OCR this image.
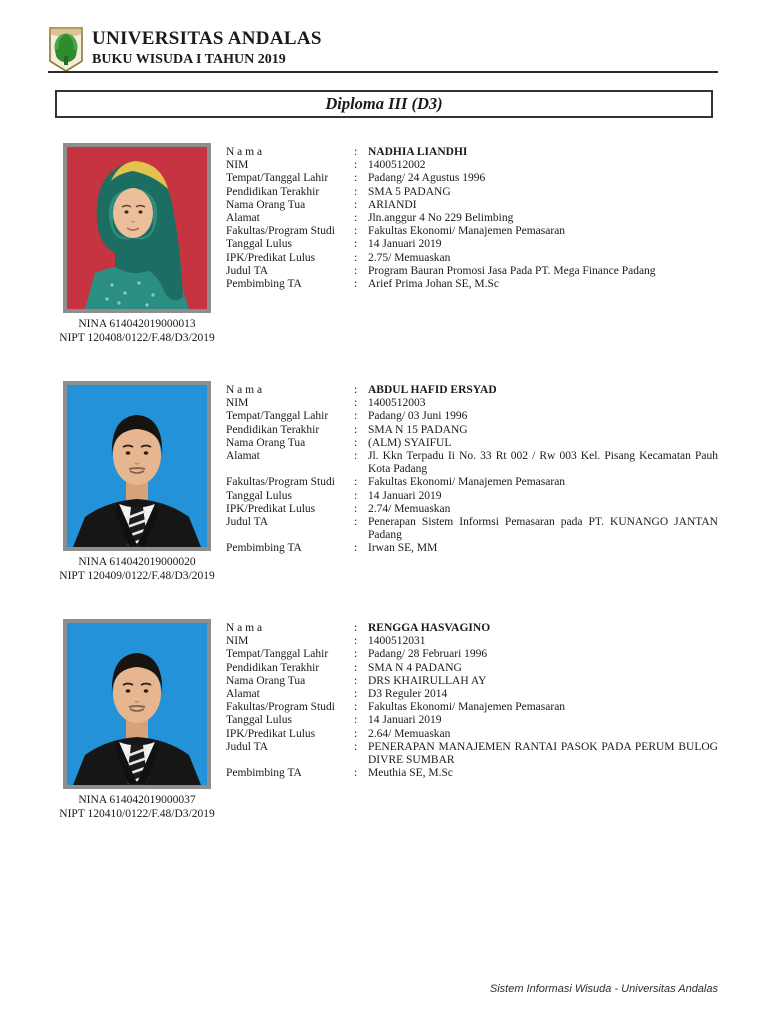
UNIVERSITAS ANDALAS
BUKU WISUDA I TAHUN 2019
Diploma III (D3)
NINA 614042019000013
NIPT 120408/0122/F.48/D3/2019
N a m a	: NADHIA LIANDHI
NIM	: 1400512002
Tempat/Tanggal Lahir	: Padang/ 24 Agustus 1996
Pendidikan Terakhir	: SMA 5 PADANG
Nama Orang Tua	: ARIANDI
Alamat	: Jln.anggur 4 No 229 Belimbing
Fakultas/Program Studi	: Fakultas Ekonomi/ Manajemen Pemasaran
Tanggal Lulus	: 14 Januari 2019
IPK/Predikat Lulus	: 2.75/ Memuaskan
Judul TA	: Program Bauran Promosi Jasa Pada PT. Mega Finance Padang
Pembimbing TA	: Arief Prima Johan SE, M.Sc
NINA 614042019000020
NIPT 120409/0122/F.48/D3/2019
N a m a	: ABDUL HAFID ERSYAD
NIM	: 1400512003
Tempat/Tanggal Lahir	: Padang/ 03 Juni 1996
Pendidikan Terakhir	: SMA N 15 PADANG
Nama Orang Tua	: (ALM) SYAIFUL
Alamat	: Jl. Kkn Terpadu Ii No. 33 Rt 002 / Rw 003 Kel. Pisang Kecamatan Pauh Kota Padang
Fakultas/Program Studi	: Fakultas Ekonomi/ Manajemen Pemasaran
Tanggal Lulus	: 14 Januari 2019
IPK/Predikat Lulus	: 2.74/ Memuaskan
Judul TA	: Penerapan Sistem Informsi Pemasaran pada PT. KUNANGO JANTAN Padang
Pembimbing TA	: Irwan SE, MM
NINA 614042019000037
NIPT 120410/0122/F.48/D3/2019
N a m a	: RENGGA HASVAGINO
NIM	: 1400512031
Tempat/Tanggal Lahir	: Padang/ 28 Februari 1996
Pendidikan Terakhir	: SMA N 4 PADANG
Nama Orang Tua	: DRS KHAIRULLAH AY
Alamat	: D3 Reguler 2014
Fakultas/Program Studi	: Fakultas Ekonomi/ Manajemen Pemasaran
Tanggal Lulus	: 14 Januari 2019
IPK/Predikat Lulus	: 2.64/ Memuaskan
Judul TA	: PENERAPAN MANAJEMEN RANTAI PASOK PADA PERUM BULOG DIVRE SUMBAR
Pembimbing TA	: Meuthia SE, M.Sc
Sistem Informasi Wisuda - Universitas Andalas
